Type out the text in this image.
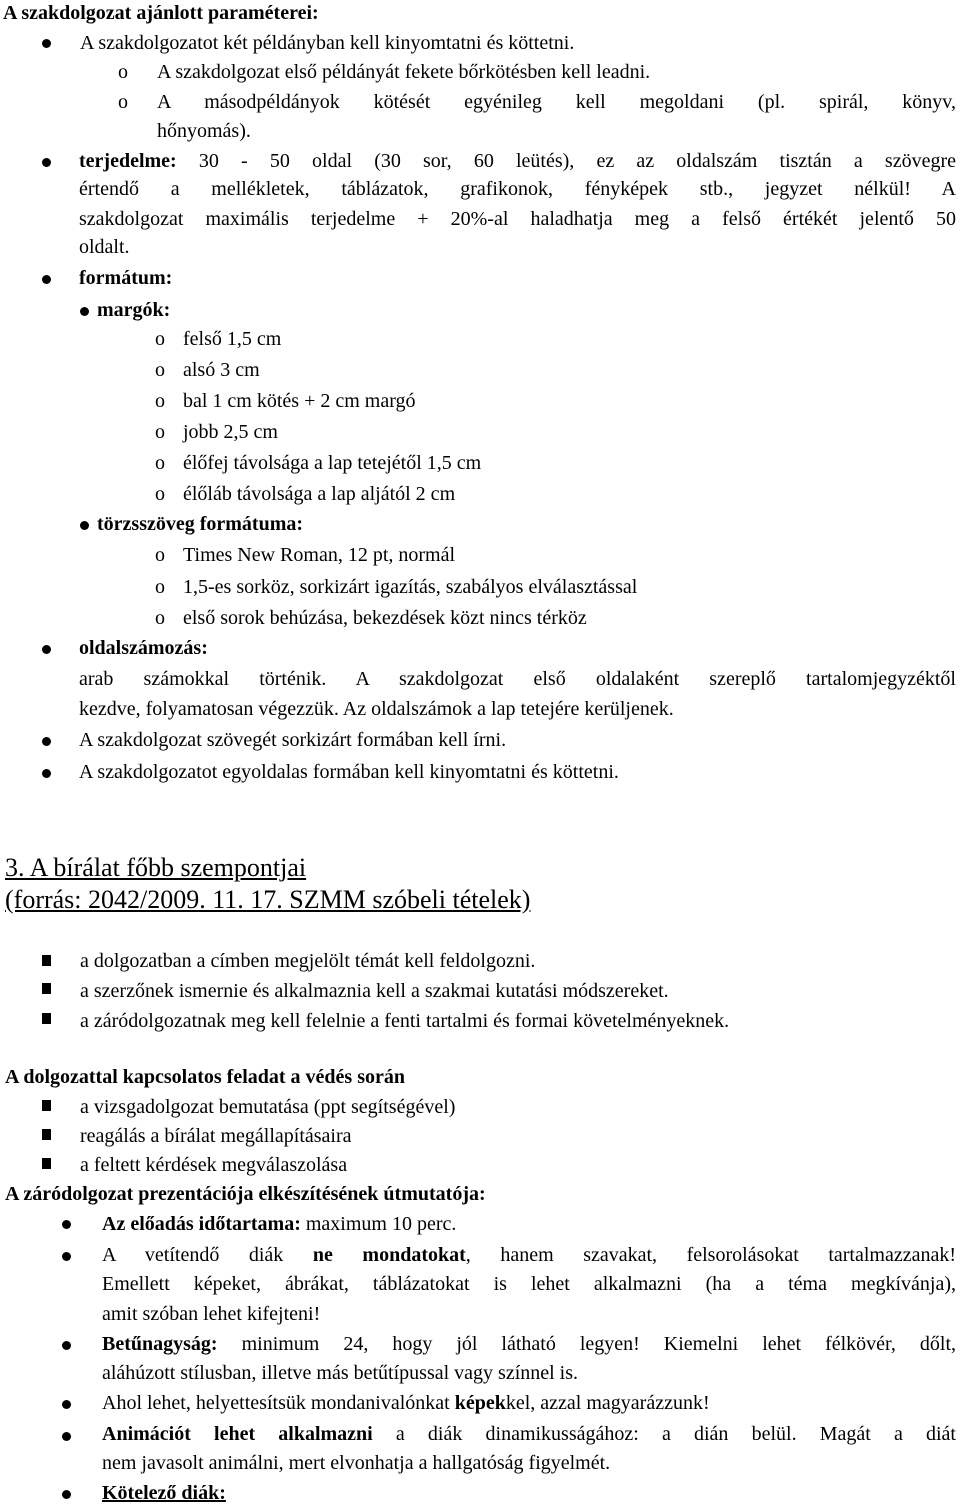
A szakdolgozat ajánlott paraméterei:
A szakdolgozatot két példányban kell kinyomtatni és köttetni.
o A szakdolgozat első példányát fekete bőrkötésben kell leadni.
o A másodpéldányok kötését egyénileg kell megoldani (pl. spirál, könyv,
hőnyomás).
terjedelme: 30 - 50 oldal (30 sor, 60 leütés), ez az oldalszám tisztán a szövegre
értendő a mellékletek, táblázatok, grafikonok, fényképek stb., jegyzet nélkül! A
szakdolgozat maximális terjedelme + 20%-al haladhatja meg a felső értékét jelentő 50
oldalt.
formátum:
margók:
o felső 1,5 cm
o alsó 3 cm
o bal 1 cm kötés + 2 cm margó
o jobb 2,5 cm
o élőfej távolsága a lap tetejétől 1,5 cm
o élőláb távolsága a lap aljától 2 cm
törzsszöveg formátuma:
o Times New Roman, 12 pt, normál
o 1,5-es sorköz, sorkizárt igazítás, szabályos elválasztással
o első sorok behúzása, bekezdések közt nincs térköz
oldalszámozás:
arab számokkal történik. A szakdolgozat első oldalaként szereplő tartalomjegyzéktől
kezdve, folyamatosan végezzük. Az oldalszámok a lap tetejére kerüljenek.
A szakdolgozat szövegét sorkizárt formában kell írni.
A szakdolgozatot egyoldalas formában kell kinyomtatni és köttetni.
3. A bírálat főbb szempontjai
(forrás: 2042/2009. 11. 17. SZMM szóbeli tételek)
a dolgozatban a címben megjelölt témát kell feldolgozni.
a szerzőnek ismernie és alkalmaznia kell a szakmai kutatási módszereket.
a záródolgozatnak meg kell felelnie a fenti tartalmi és formai követelményeknek.
A dolgozattal kapcsolatos feladat a védés során
a vizsgadolgozat bemutatása (ppt segítségével)
reagálás a bírálat megállapításaira
a feltett kérdések megválaszolása
A záródolgozat prezentációja elkészítésének útmutatója:
Az előadás időtartama: maximum 10 perc.
A vetítendő diák ne mondatokat, hanem szavakat, felsorolásokat tartalmazzanak!
Emellett képeket, ábrákat, táblázatokat is lehet alkalmazni (ha a téma megkívánja),
amit szóban lehet kifejteni!
Betűnagyság: minimum 24, hogy jól látható legyen! Kiemelni lehet félkövér, dőlt,
aláhúzott stílusban, illetve más betűtípussal vagy színnel is.
Ahol lehet, helyettesítsük mondanivalónkat képekkel, azzal magyarázzunk!
Animációt lehet alkalmazni a diák dinamikusságához: a dián belül. Magát a diát
nem javasolt animálni, mert elvonhatja a hallgatóság figyelmét.
Kötelező diák:
